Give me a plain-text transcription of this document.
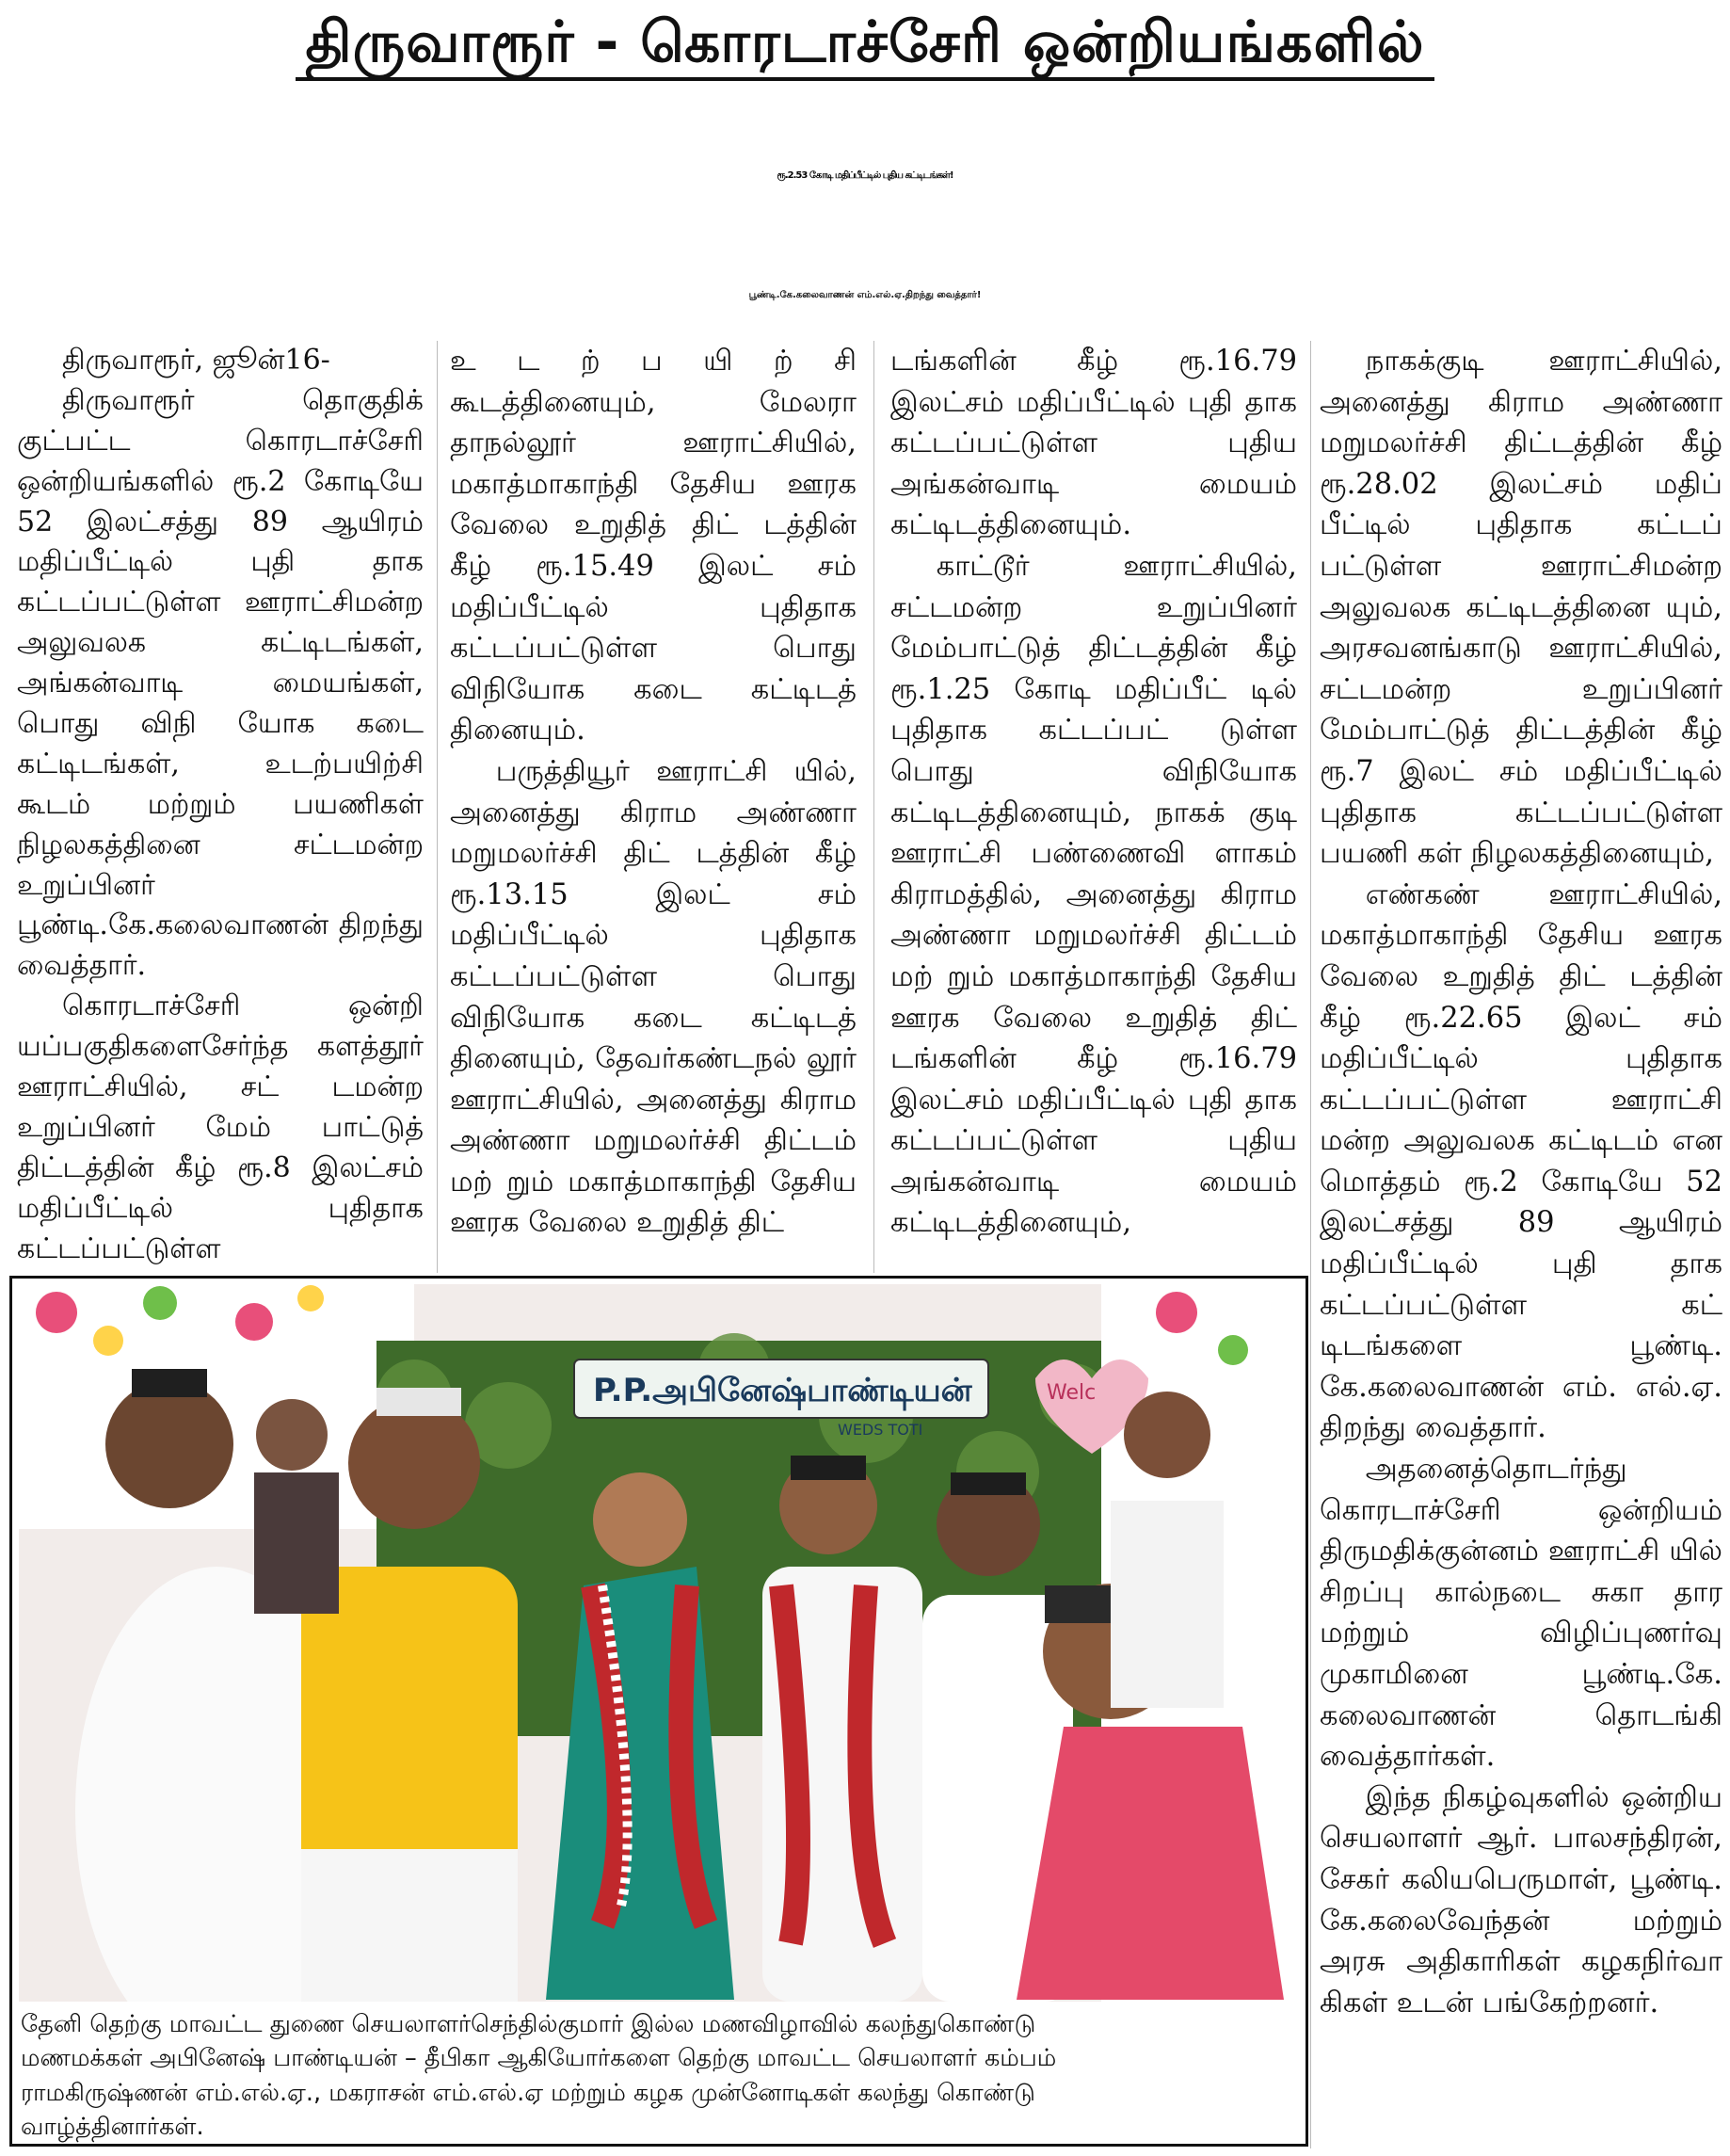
திருவாரூர் - கொரடாச்சேரி ஒன்றியங்களில்
ரூ.2.53 கோடி மதிப்பீட்டில் புதிய கட்டிடங்கள்!
பூண்டி.கே.கலைவாணன் எம்.எல்.ஏ.திறந்து வைத்தார்!

திருவாரூர், ஜூன்16-

திருவாரூர் தொகுதிக் குட்பட்ட கொரடாச்சேரி ஒன்றியங்களில் ரூ.2 கோடியே 52 இலட்சத்து 89 ஆயிரம் மதிப்பீட்டில் புதி தாக கட்டப்பட்டுள்ள ஊராட்சிமன்ற அலுவலக கட்டிடங்கள், அங்கன்வாடி மையங்கள், பொது விநி யோக கடை கட்டிடங்கள், உடற்பயிற்சி கூடம் மற்றும் பயணிகள் நிழலகத்தினை சட்டமன்ற உறுப்பினர் பூண்டி.கே.கலைவாணன் திறந்து வைத்தார்.

கொரடாச்சேரி ஒன்றி யப்பகுதிகளைசேர்ந்த களத்தூர் ஊராட்சியில், சட் டமன்ற உறுப்பினர் மேம் பாட்டுத் திட்டத்தின் கீழ் ரூ.8 இலட்சம் மதிப்பீட்டில் புதிதாக கட்டப்பட்டுள்ள

உ ட ற் ப யி ற் சி கூடத்தினையும், மேலரா தாநல்லூர் ஊராட்சியில், மகாத்மாகாந்தி தேசிய ஊரக வேலை உறுதித் திட் டத்தின் கீழ் ரூ.15.49 இலட் சம் மதிப்பீட்டில் புதிதாக கட்டப்பட்டுள்ள பொது விநியோக கடை கட்டிடத் தினையும்.

பருத்தியூர் ஊராட்சி யில், அனைத்து கிராம அண்ணா மறுமலர்ச்சி திட் டத்தின் கீழ் ரூ.13.15 இலட் சம் மதிப்பீட்டில் புதிதாக கட்டப்பட்டுள்ள பொது விநியோக கடை கட்டிடத் தினையும், தேவர்கண்டநல் லூர் ஊராட்சியில், அனைத்து கிராம அண்ணா மறுமலர்ச்சி திட்டம் மற் றும் மகாத்மாகாந்தி தேசிய ஊரக வேலை உறுதித் திட்

டங்களின் கீழ் ரூ.16.79 இலட்சம் மதிப்பீட்டில் புதி தாக கட்டப்பட்டுள்ள புதிய அங்கன்வாடி மையம் கட்டிடத்தினையும்.

காட்டூர் ஊராட்சியில், சட்டமன்ற உறுப்பினர் மேம்பாட்டுத் திட்டத்தின் கீழ் ரூ.1.25 கோடி மதிப்பீட் டில் புதிதாக கட்டப்பட் டுள்ள பொது விநியோக கட்டிடத்தினையும், நாகக் குடி ஊராட்சி பண்ணைவி ளாகம் கிராமத்தில், அனைத்து கிராம அண்ணா மறுமலர்ச்சி திட்டம் மற் றும் மகாத்மாகாந்தி தேசிய ஊரக வேலை உறுதித் திட் டங்களின் கீழ் ரூ.16.79 இலட்சம் மதிப்பீட்டில் புதி தாக கட்டப்பட்டுள்ள புதிய அங்கன்வாடி மையம் கட்டிடத்தினையும்,

நாகக்குடி ஊராட்சியில், அனைத்து கிராம அண்ணா மறுமலர்ச்சி திட்டத்தின் கீழ் ரூ.28.02 இலட்சம் மதிப் பீட்டில் புதிதாக கட்டப் பட்டுள்ள ஊராட்சிமன்ற அலுவலக கட்டிடத்தினை யும், அரசவனங்காடு ஊராட்சியில், சட்டமன்ற உறுப்பினர் மேம்பாட்டுத் திட்டத்தின் கீழ் ரூ.7 இலட் சம் மதிப்பீட்டில் புதிதாக கட்டப்பட்டுள்ள பயணி கள் நிழலகத்தினையும்,

எண்கண் ஊராட்சியில், மகாத்மாகாந்தி தேசிய ஊரக வேலை உறுதித் திட் டத்தின் கீழ் ரூ.22.65 இலட் சம் மதிப்பீட்டில் புதிதாக கட்டப்பட்டுள்ள ஊராட்சி மன்ற அலுவலக கட்டிடம் என மொத்தம் ரூ.2 கோடியே 52 இலட்சத்து 89 ஆயிரம் மதிப்பீட்டில் புதி தாக கட்டப்பட்டுள்ள கட் டிடங்களை பூண்டி. கே.கலைவாணன் எம். எல்.ஏ. திறந்து வைத்தார்.

அதனைத்தொடர்ந்து கொரடாச்சேரி ஒன்றியம் திருமதிக்குன்னம் ஊராட்சி யில் சிறப்பு கால்நடை சுகா தார மற்றும் விழிப்புணர்வு முகாமினை பூண்டி.கே. கலைவாணன் தொடங்கி வைத்தார்கள்.

இந்த நிகழ்வுகளில் ஒன்றிய செயலாளர் ஆர். பாலசந்திரன், சேகர் கலியபெருமாள், பூண்டி. கே.கலைவேந்தன் மற்றும் அரசு அதிகாரிகள் கழகநிர்வா கிகள் உடன் பங்கேற்றனர்.

P.P.அபினேஷ்பாண்டியன்
WEDS TOTI
Welc
தேனி தெற்கு மாவட்ட துணை செயலாளர்செந்தில்குமார் இல்ல மணவிழாவில் கலந்துகொண்டு
மணமக்கள் அபினேஷ் பாண்டியன் – தீபிகா ஆகியோர்களை தெற்கு மாவட்ட செயலாளர் கம்பம்
ராமகிருஷ்ணன் எம்.எல்.ஏ., மகராசன் எம்.எல்.ஏ மற்றும் கழக முன்னோடிகள் கலந்து கொண்டு
வாழ்த்தினார்கள்.
